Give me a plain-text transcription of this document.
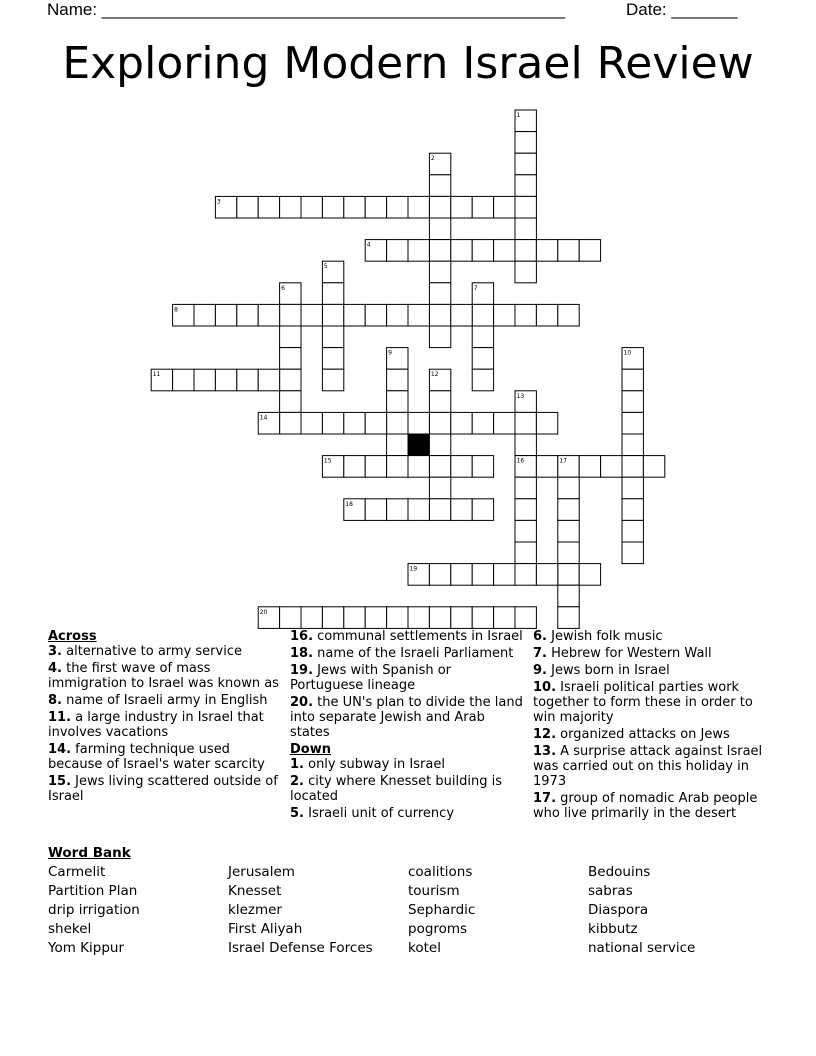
Name: _________________________________________________	Date: _______
Exploring Modern Israel Review
1
2
3
4
5
6	7
8
9	10
11	12
13
14
15	16	17
18
19
20
Across
3. alternative to army service
4. the first wave of mass immigration to Israel was known as
8. name of Israeli army in English
11. a large industry in Israel that involves vacations
14. farming technique used because of Israel's water scarcity
15. Jews living scattered outside of Israel
16. communal settlements in Israel
18. name of the Israeli Parliament
19. Jews with Spanish or Portuguese lineage
20. the UN's plan to divide the land into separate Jewish and Arab states
Down
1. only subway in Israel
2. city where Knesset building is located
5. Israeli unit of currency
6. Jewish folk music
7. Hebrew for Western Wall
9. Jews born in Israel
10. Israeli political parties work together to form these in order to win majority
12. organized attacks on Jews
13. A surprise attack against Israel was carried out on this holiday in 1973
17. group of nomadic Arab people who live primarily in the desert
Word Bank
Carmelit
Partition Plan
drip irrigation
shekel
Yom Kippur
Jerusalem
Knesset
klezmer
First Aliyah
Israel Defense Forces
coalitions
tourism
Sephardic
pogroms
kotel
Bedouins
sabras
Diaspora
kibbutz
national service
